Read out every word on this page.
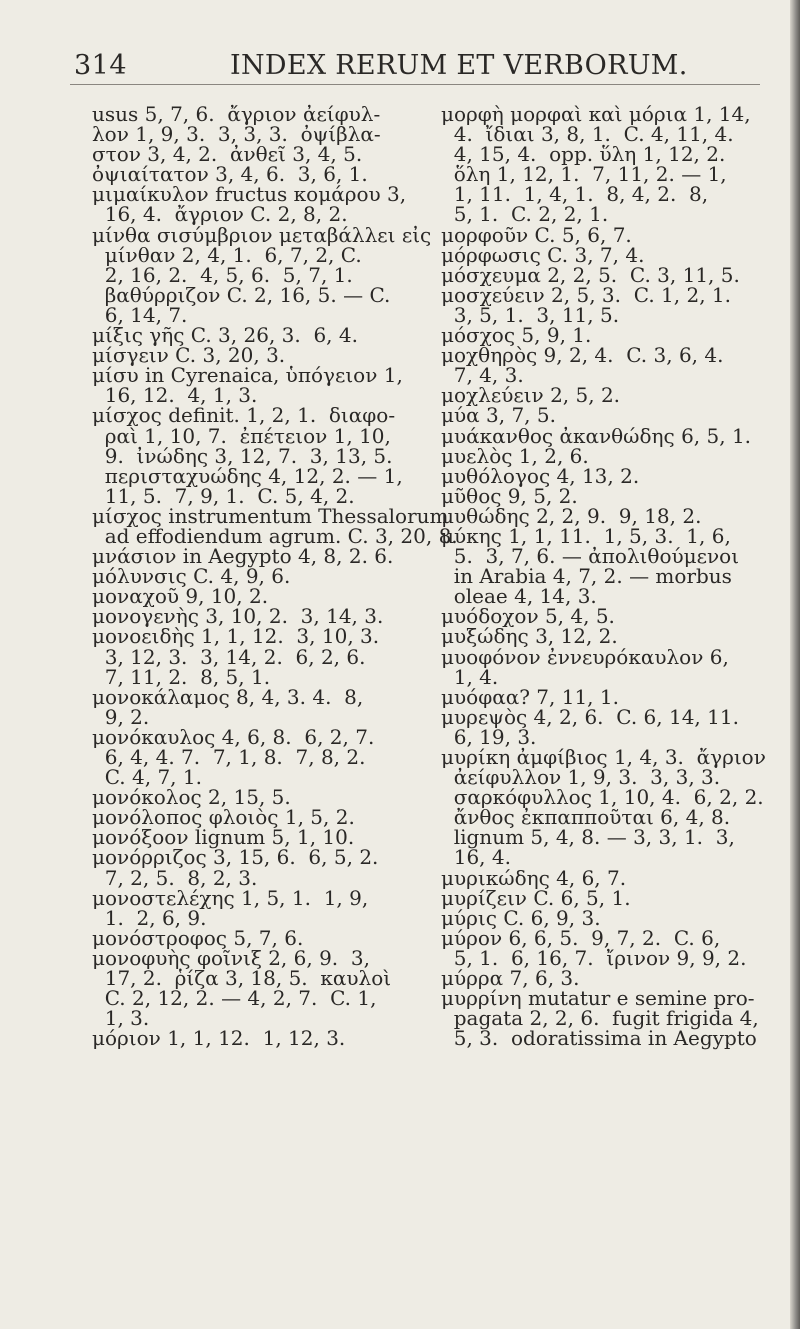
314	INDEX RERUM ET VERBORUM.
usus 5, 7, 6.  ἄγριον ἀείφυλ-
λον 1, 9, 3.  3, 3, 3.  ὀψίβλα-
στον 3, 4, 2.  ἀνθεῖ 3, 4, 5.
ὀψιαίτατον 3, 4, 6.  3, 6, 1.
μιμαίκυλον fructus κομάρου 3,
16, 4.  ἄγριον C. 2, 8, 2.
μίνθα σισύμβριον μεταβάλλει εἰς
μίνθαν 2, 4, 1.  6, 7, 2, C.
2, 16, 2.  4, 5, 6.  5, 7, 1.
βαθύρριζον C. 2, 16, 5. — C.
6, 14, 7.
μίξις γῆς C. 3, 26, 3.  6, 4.
μίσγειν C. 3, 20, 3.
μίσυ in Cyrenaica, ὑπόγειον 1,
16, 12.  4, 1, 3.
μίσχος definit. 1, 2, 1.  διαφο-
ραὶ 1, 10, 7.  ἐπέτειον 1, 10,
9.  ἰνώδης 3, 12, 7.  3, 13, 5.
περισταχυώδης 4, 12, 2. — 1,
11, 5.  7, 9, 1.  C. 5, 4, 2.
μίσχος instrumentum Thessalorum
ad effodiendum agrum. C. 3, 20, 8.
μνάσιον in Aegypto 4, 8, 2. 6.
μόλυνσις C. 4, 9, 6.
μοναχοῦ 9, 10, 2.
μονογενὴς 3, 10, 2.  3, 14, 3.
μονοειδὴς 1, 1, 12.  3, 10, 3.
3, 12, 3.  3, 14, 2.  6, 2, 6.
7, 11, 2.  8, 5, 1.
μονοκάλαμος 8, 4, 3. 4.  8,
9, 2.
μονόκαυλος 4, 6, 8.  6, 2, 7.
6, 4, 4. 7.  7, 1, 8.  7, 8, 2.
C. 4, 7, 1.
μονόκολος 2, 15, 5.
μονόλοπος φλοιὸς 1, 5, 2.
μονόξοον lignum 5, 1, 10.
μονόρριζος 3, 15, 6.  6, 5, 2.
7, 2, 5.  8, 2, 3.
μονοστελέχης 1, 5, 1.  1, 9,
1.  2, 6, 9.
μονόστροφος 5, 7, 6.
μονοφυὴς φοῖνιξ 2, 6, 9.  3,
17, 2.  ῥίζα 3, 18, 5.  καυλοὶ
C. 2, 12, 2. — 4, 2, 7.  C. 1,
1, 3.
μόριον 1, 1, 12.  1, 12, 3.
μορφὴ μορφαὶ καὶ μόρια 1, 14,
4.  ἴδιαι 3, 8, 1.  C. 4, 11, 4.
4, 15, 4.  opp. ὕλη 1, 12, 2.
ὅλη 1, 12, 1.  7, 11, 2. — 1,
1, 11.  1, 4, 1.  8, 4, 2.  8,
5, 1.  C. 2, 2, 1.
μορφοῦν C. 5, 6, 7.
μόρφωσις C. 3, 7, 4.
μόσχευμα 2, 2, 5.  C. 3, 11, 5.
μοσχεύειν 2, 5, 3.  C. 1, 2, 1.
3, 5, 1.  3, 11, 5.
μόσχος 5, 9, 1.
μοχθηρὸς 9, 2, 4.  C. 3, 6, 4.
7, 4, 3.
μοχλεύειν 2, 5, 2.
μύα 3, 7, 5.
μυάκανθος ἀκανθώδης 6, 5, 1.
μυελὸς 1, 2, 6.
μυθόλογος 4, 13, 2.
μῦθος 9, 5, 2.
μυθώδης 2, 2, 9.  9, 18, 2.
μύκης 1, 1, 11.  1, 5, 3.  1, 6,
5.  3, 7, 6. — ἀπολιθούμενοι
in Arabia 4, 7, 2. — morbus
oleae 4, 14, 3.
μυόδοχον 5, 4, 5.
μυξώδης 3, 12, 2.
μυοφόνον ἐννευρόκαυλον 6,
1, 4.
μυόφαα? 7, 11, 1.
μυρεψὸς 4, 2, 6.  C. 6, 14, 11.
6, 19, 3.
μυρίκη ἀμφίβιος 1, 4, 3.  ἄγριον
ἀείφυλλον 1, 9, 3.  3, 3, 3.
σαρκόφυλλος 1, 10, 4.  6, 2, 2.
ἄνθος ἐκπαπποῦται 6, 4, 8.
lignum 5, 4, 8. — 3, 3, 1.  3,
16, 4.
μυρικώδης 4, 6, 7.
μυρίζειν C. 6, 5, 1.
μύρις C. 6, 9, 3.
μύρον 6, 6, 5.  9, 7, 2.  C. 6,
5, 1.  6, 16, 7.  ἴρινον 9, 9, 2.
μύρρα 7, 6, 3.
μυρρίνη mutatur e semine pro-
pagata 2, 2, 6.  fugit frigida 4,
5, 3.  odoratissima in Aegypto
